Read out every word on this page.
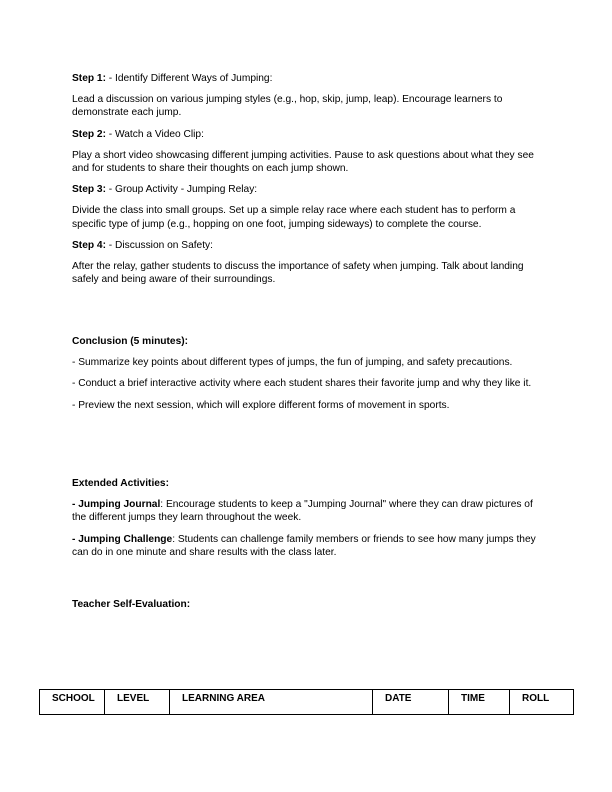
Step 1: - Identify Different Ways of Jumping:
Lead a discussion on various jumping styles (e.g., hop, skip, jump, leap). Encourage learners to demonstrate each jump.
Step 2: - Watch a Video Clip:
Play a short video showcasing different jumping activities. Pause to ask questions about what they see and for students to share their thoughts on each jump shown.
Step 3: - Group Activity - Jumping Relay:
Divide the class into small groups. Set up a simple relay race where each student has to perform a specific type of jump (e.g., hopping on one foot, jumping sideways) to complete the course.
Step 4: - Discussion on Safety:
After the relay, gather students to discuss the importance of safety when jumping. Talk about landing safely and being aware of their surroundings.
Conclusion (5 minutes):
- Summarize key points about different types of jumps, the fun of jumping, and safety precautions.
- Conduct a brief interactive activity where each student shares their favorite jump and why they like it.
- Preview the next session, which will explore different forms of movement in sports.
Extended Activities:
- Jumping Journal: Encourage students to keep a "Jumping Journal" where they can draw pictures of the different jumps they learn throughout the week.
- Jumping Challenge: Students can challenge family members or friends to see how many jumps they can do in one minute and share results with the class later.
Teacher Self-Evaluation:
SCHOOL	LEVEL	LEARNING AREA	DATE	TIME	ROLL
